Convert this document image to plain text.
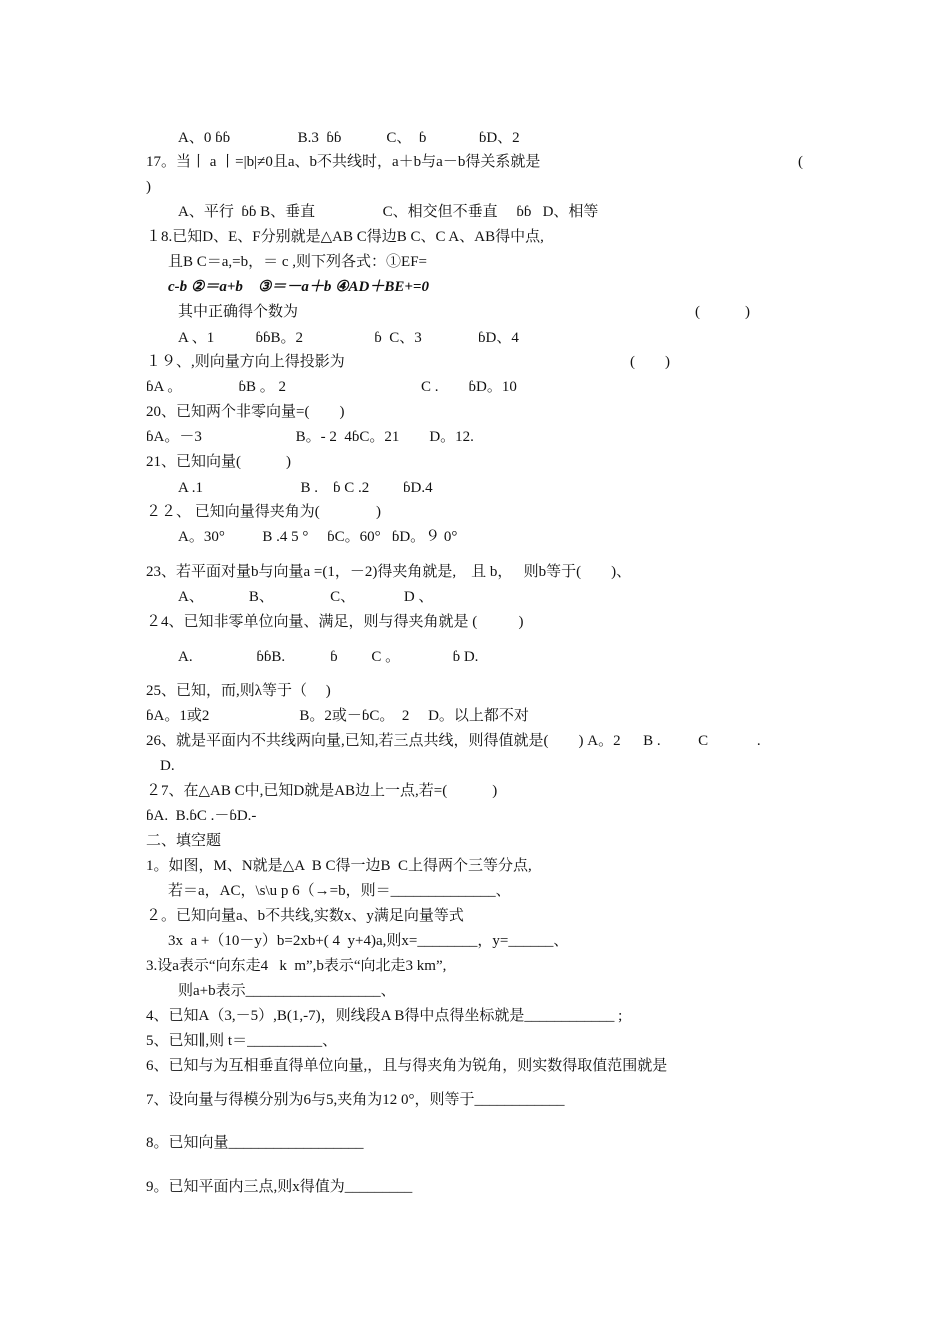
A、0 ɓɓ                  B.3  ɓɓ            C、  ɓ              ɓD、2
17。当丨 a 丨=|b|≠0且a、b不共线时，a＋b与a－b得关系就是	(
)
A、平行  ɓɓ B、垂直                  C、相交但不垂直     ɓɓ   D、相等
１8.已知D、E、F分别就是△AB C得边B C、C A、AB得中点,
且B C＝a,=b，＝ c ,则下列各式：①EF=
c-b ②＝a+b    ③＝－a＋b ④AD＋BE+=0
其中正确得个数为	(            )
A 、1           ɓɓB。2                   ɓ  C、3               ɓD、4
１９、,则向量方向上得投影为	(        )
ɓA 。               ɓB 。 2                                    C .        ɓD。10
20、已知两个非零向量=(        )
ɓA。－3                         B。- 2  4ɓC。21        D。12.
21、已知向量(            )
A .1                          B .    ɓ C .2         ɓD.4
２２、 已知向量得夹角为(               )
A。30°          B .4 5 °     ɓC。60°   ɓD。９ 0°
23、若平面对量b与向量a =(1，－2)得夹角就是,    且 b，   则b等于(        )、
A、            B、               C、             D 、
２4、已知非零单位向量、满足，则与得夹角就是 (           )
A.                 ɓɓB.            ɓ         C 。              ɓ D.
25、已知，而,则λ等于（     )
ɓA。1或2                        B。2或－ɓC。  2     D。以上都不对
26、就是平面内不共线两向量,已知,若三点共线，则得值就是(        ) A。2      B .          C             .
D.
２7、在△AB C中,已知D就是AB边上一点,若=(            )
ɓA.  B.ɓC .－ɓD.-
二、填空题
1。如图，M、N就是△A  B C得一边B  C上得两个三等分点,
若＝a，AC，\s\u p 6（→=b，则＝______________、
２。已知向量a、b不共线,实数x、y满足向量等式
3x  a +（10－y）b=2xb+( 4  y+4)a,则x=________，y=______、
3.设a表示“向东走4   k  m”,b表示“向北走3 km”,
则a+b表示__________________、
4、已知A（3,－5）,B(1,-7)，则线段A B得中点得坐标就是____________ ;
5、已知∥,则 t＝__________、
6、已知与为互相垂直得单位向量,，且与得夹角为锐角，则实数得取值范围就是
7、设向量与得模分别为6与5,夹角为12 0°，则等于____________
8。已知向量__________________
9。已知平面内三点,则x得值为_________
